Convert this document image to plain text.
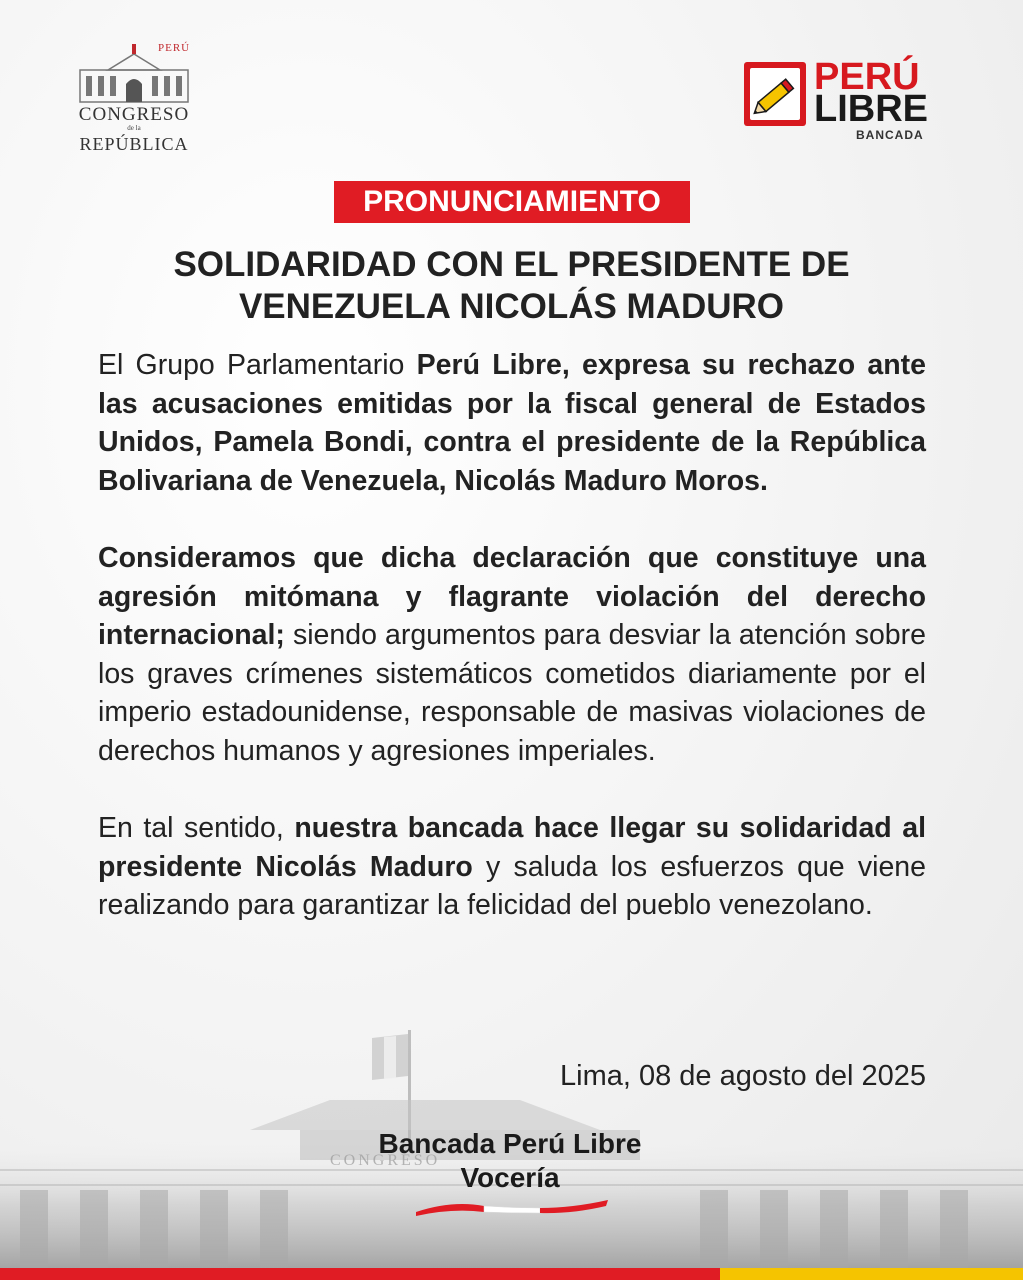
CONGRESO
PERÚ
CONGRESO
de la
REPÚBLICA
PERÚ
LIBRE
BANCADA
PRONUNCIAMIENTO
SOLIDARIDAD CON EL PRESIDENTE DE
VENEZUELA NICOLÁS MADURO

El Grupo Parlamentario Perú Libre, expresa su rechazo ante las acusaciones emitidas por la fiscal general de Estados Unidos, Pamela Bondi, contra el presidente de la República Bolivariana de Venezuela, Nicolás Maduro Moros.

Consideramos que dicha declaración que constituye una agresión mitómana y flagrante violación del derecho internacional; siendo argumentos para desviar la atención sobre los graves crímenes sistemáticos cometidos diariamente por el imperio estadounidense, responsable de masivas violaciones de derechos humanos y agresiones imperiales.

En tal sentido, nuestra bancada hace llegar su solidaridad al presidente Nicolás Maduro y saluda los esfuerzos que viene realizando para garantizar la felicidad del pueblo venezolano.

Lima, 08 de agosto del 2025
Bancada Perú Libre
Vocería
